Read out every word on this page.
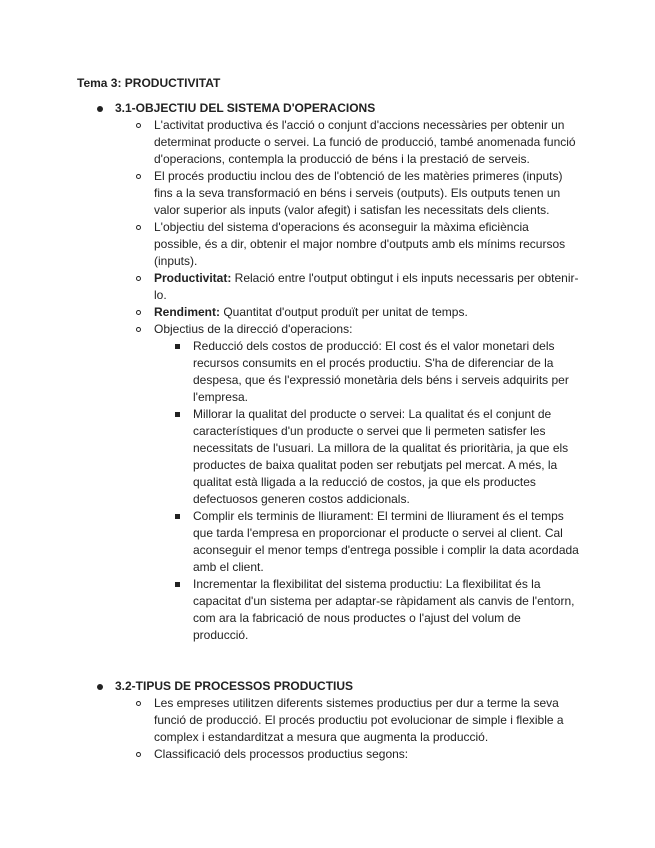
Tema 3: PRODUCTIVITAT

3.1-OBJECTIU DEL SISTEMA D'OPERACIONS

L'activitat productiva és l'acció o conjunt d'accions necessàries per obtenir un determinat producte o servei. La funció de producció, també anomenada funció d'operacions, contempla la producció de béns i la prestació de serveis.

El procés productiu inclou des de l'obtenció de les matèries primeres (inputs) fins a la seva transformació en béns i serveis (outputs). Els outputs tenen un valor superior als inputs (valor afegit) i satisfan les necessitats dels clients.

L'objectiu del sistema d'operacions és aconseguir la màxima eficiència possible, és a dir, obtenir el major nombre d'outputs amb els mínims recursos (inputs).

Productivitat: Relació entre l'output obtingut i els inputs necessaris per obtenir-lo.

Rendiment: Quantitat d'output produït per unitat de temps.

Objectius de la direcció d'operacions:

Reducció dels costos de producció: El cost és el valor monetari dels recursos consumits en el procés productiu. S'ha de diferenciar de la despesa, que és l'expressió monetària dels béns i serveis adquirits per l'empresa.

Millorar la qualitat del producte o servei: La qualitat és el conjunt de característiques d'un producte o servei que li permeten satisfer les necessitats de l'usuari. La millora de la qualitat és prioritària, ja que els productes de baixa qualitat poden ser rebutjats pel mercat. A més, la qualitat està lligada a la reducció de costos, ja que els productes defectuosos generen costos addicionals.

Complir els terminis de lliurament: El termini de lliurament és el temps que tarda l'empresa en proporcionar el producte o servei al client. Cal aconseguir el menor temps d'entrega possible i complir la data acordada amb el client.

Incrementar la flexibilitat del sistema productiu: La flexibilitat és la capacitat d'un sistema per adaptar-se ràpidament als canvis de l'entorn, com ara la fabricació de nous productes o l'ajust del volum de producció.

3.2-TIPUS DE PROCESSOS PRODUCTIUS

Les empreses utilitzen diferents sistemes productius per dur a terme la seva funció de producció. El procés productiu pot evolucionar de simple i flexible a complex i estandarditzat a mesura que augmenta la producció.

Classificació dels processos productius segons:
